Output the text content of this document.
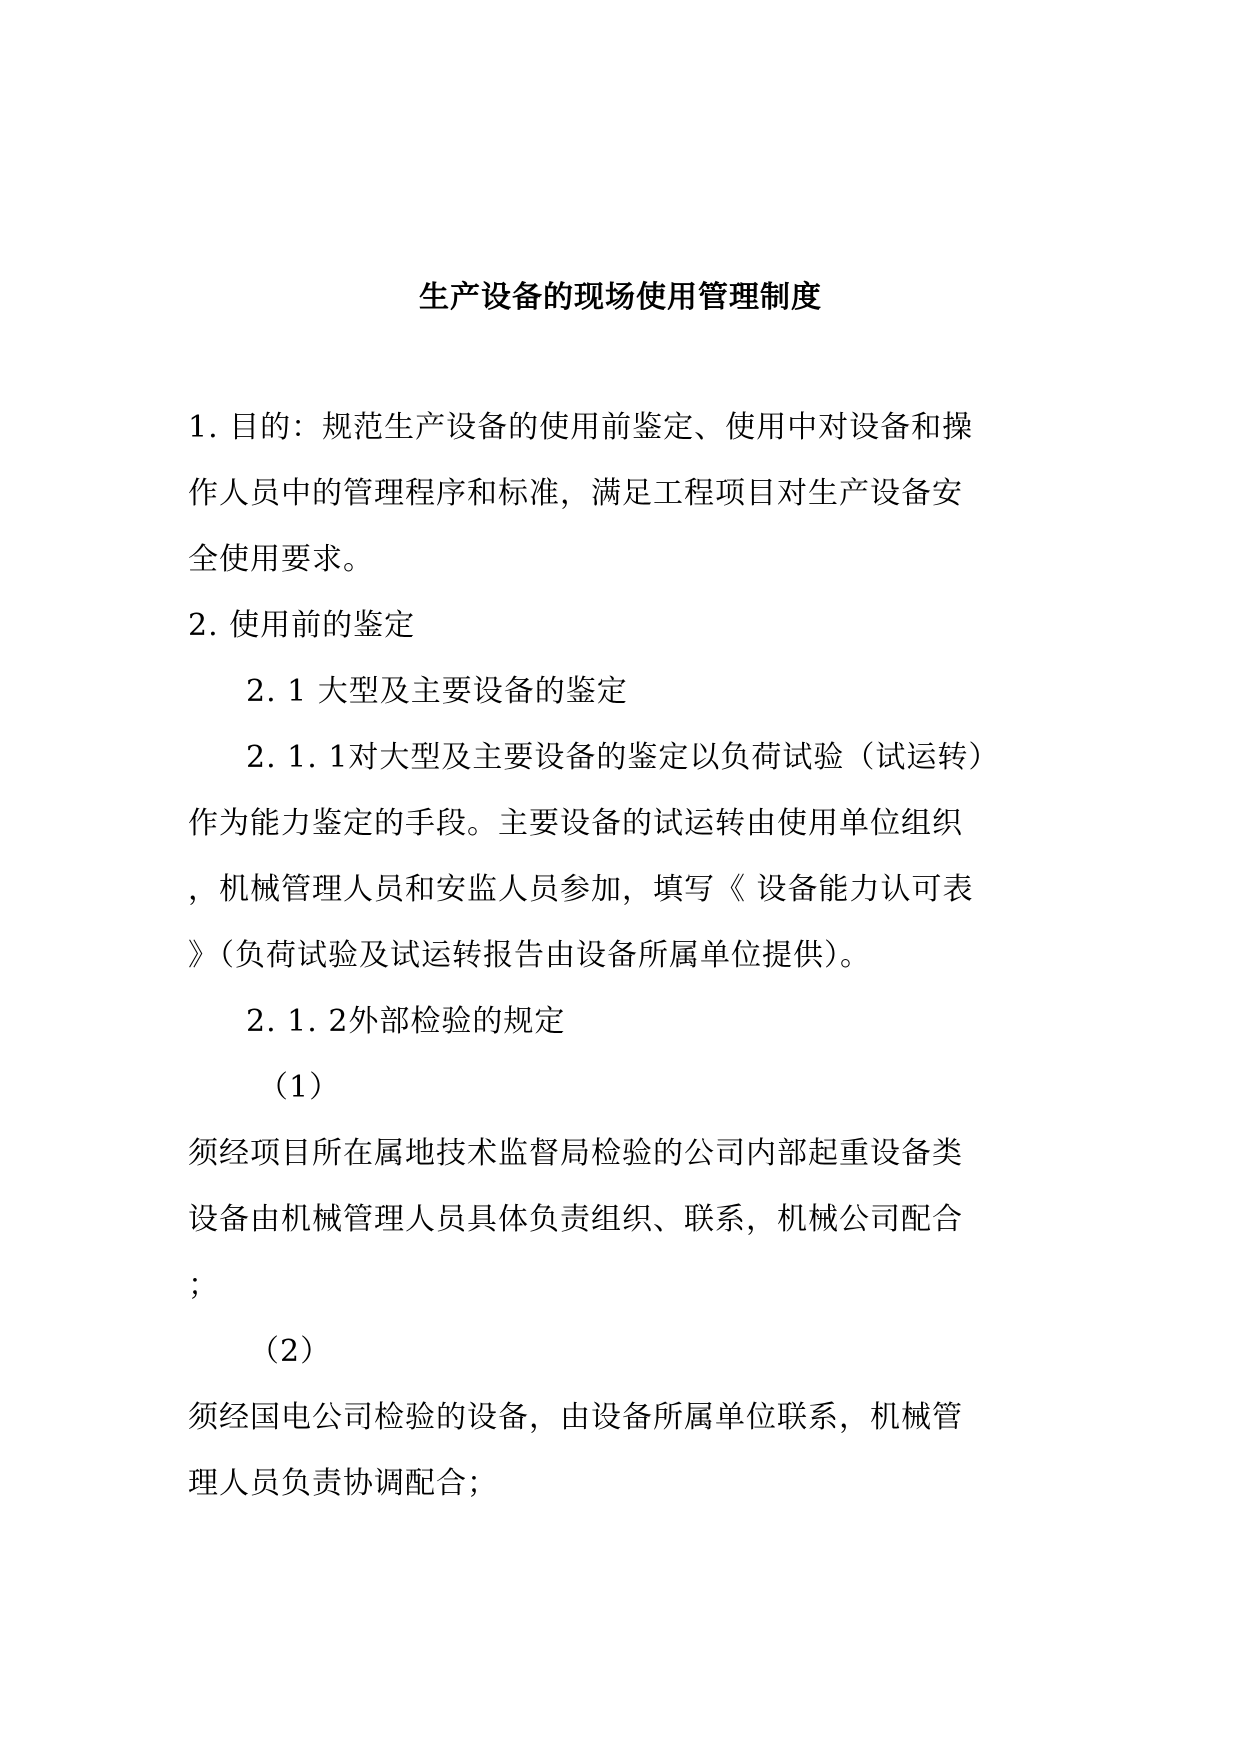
生产设备的现场使用管理制度
1. 目的：规范生产设备的使用前鉴定、使用中对设备和操
作人员中的管理程序和标准，满足工程项目对生产设备安
全使用要求。
2. 使用前的鉴定
2. 1 大型及主要设备的鉴定
2. 1. 1对大型及主要设备的鉴定以负荷试验（试运转）
作为能力鉴定的手段。主要设备的试运转由使用单位组织
，机械管理人员和安监人员参加，填写《 设备能力认可表
》（负荷试验及试运转报告由设备所属单位提供）。
2. 1. 2外部检验的规定
（1）
须经项目所在属地技术监督局检验的公司内部起重设备类
设备由机械管理人员具体负责组织、联系，机械公司配合
；
（2）
须经国电公司检验的设备，由设备所属单位联系，机械管
理人员负责协调配合；
